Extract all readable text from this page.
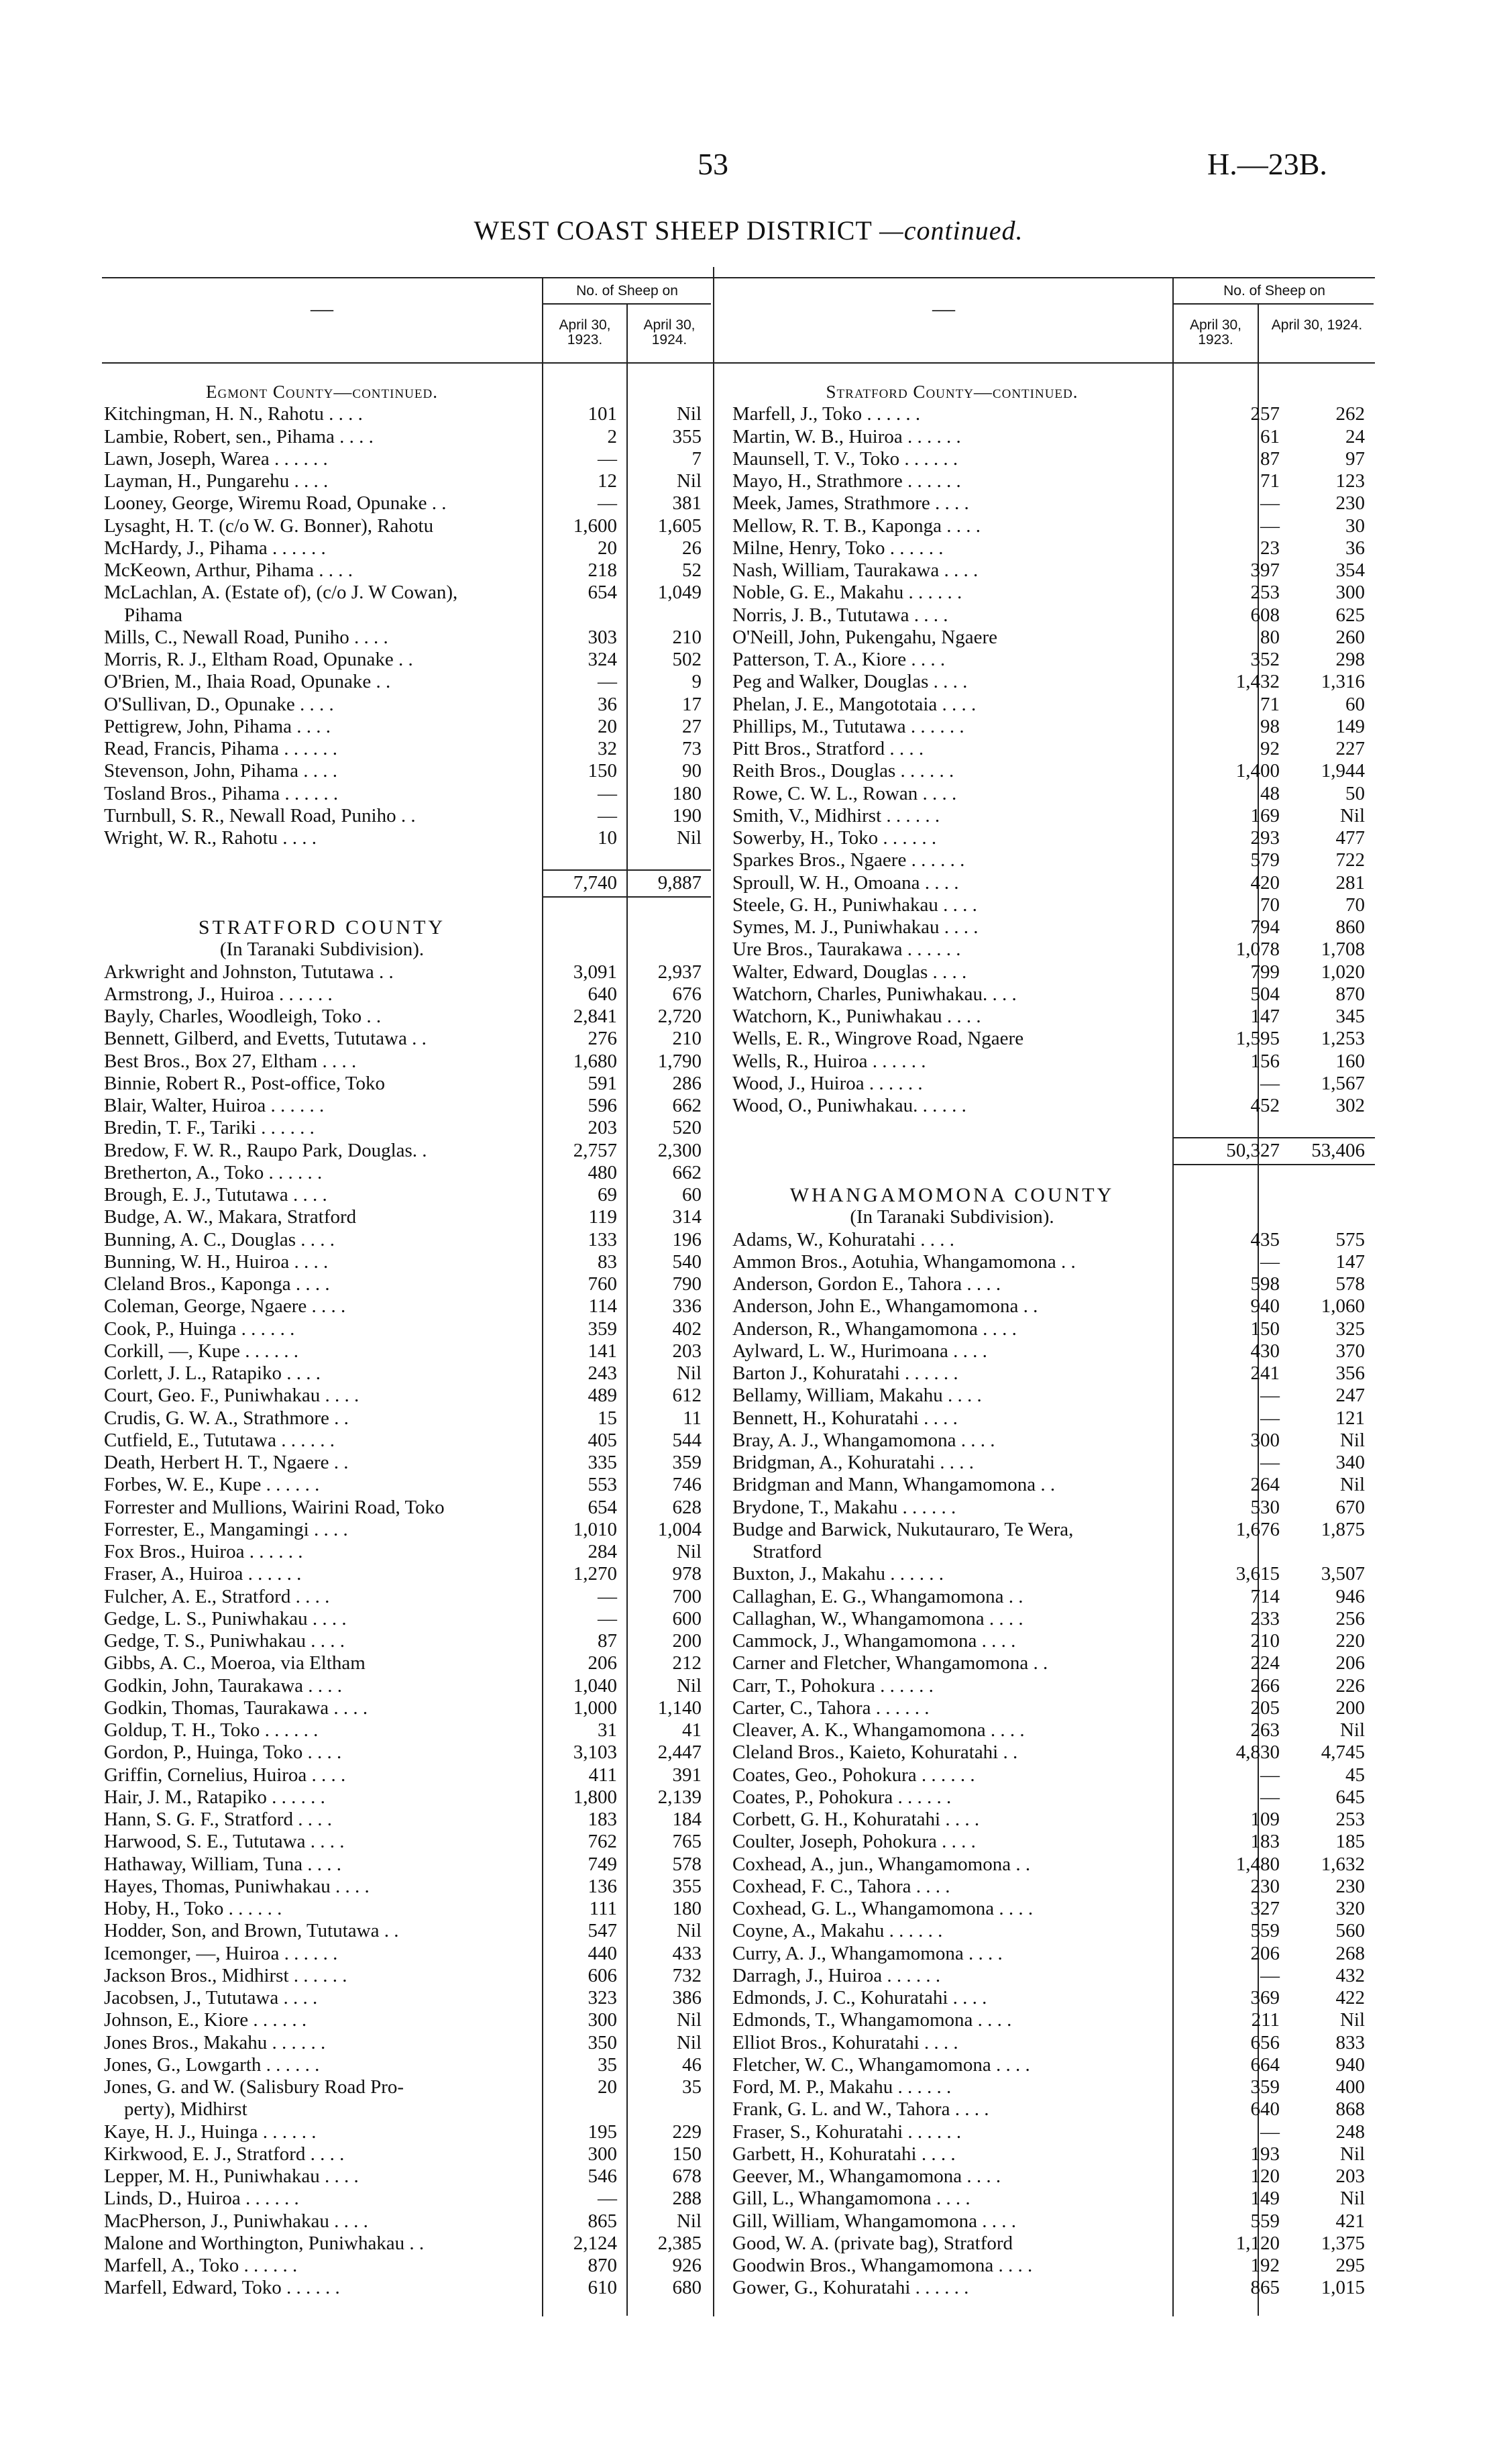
53	H.—23B.
WEST COAST SHEEP DISTRICT —continued.
—
No. of Sheep on
April 30, 1923.
April 30, 1924.
—
No. of Sheep on
April 30, 1923.
April 30, 1924.
Egmont County—continued.
Kitchingman, H. N., Rahotu . . . .	101	Nil
Lambie, Robert, sen., Pihama . . . .	2	355
Lawn, Joseph, Warea . . . . . .	—	7
Layman, H., Pungarehu . . . .	12	Nil
Looney, George, Wiremu Road, Opunake . .	—	381
Lysaght, H. T. (c/o W. G. Bonner), Rahotu	1,600	1,605
McHardy, J., Pihama . . . . . .	20	26
McKeown, Arthur, Pihama . . . .	218	52
McLachlan, A. (Estate of), (c/o J. W Cowan),	654	1,049
Pihama
Mills, C., Newall Road, Puniho . . . .	303	210
Morris, R. J., Eltham Road, Opunake . .	324	502
O'Brien, M., Ihaia Road, Opunake . .	—	9
O'Sullivan, D., Opunake . . . .	36	17
Pettigrew, John, Pihama . . . .	20	27
Read, Francis, Pihama . . . . . .	32	73
Stevenson, John, Pihama . . . .	150	90
Tosland Bros., Pihama . . . . . .	—	180
Turnbull, S. R., Newall Road, Puniho . .	—	190
Wright, W. R., Rahotu . . . .	10	Nil
7,740	9,887
STRATFORD COUNTY
(In Taranaki Subdivision).
Arkwright and Johnston, Tututawa . .	3,091	2,937
Armstrong, J., Huiroa . . . . . .	640	676
Bayly, Charles, Woodleigh, Toko . .	2,841	2,720
Bennett, Gilberd, and Evetts, Tututawa . .	276	210
Best Bros., Box 27, Eltham . . . .	1,680	1,790
Binnie, Robert R., Post-office, Toko	591	286
Blair, Walter, Huiroa . . . . . .	596	662
Bredin, T. F., Tariki . . . . . .	203	520
Bredow, F. W. R., Raupo Park, Douglas. .	2,757	2,300
Bretherton, A., Toko . . . . . .	480	662
Brough, E. J., Tututawa . . . .	69	60
Budge, A. W., Makara, Stratford	119	314
Bunning, A. C., Douglas . . . .	133	196
Bunning, W. H., Huiroa . . . .	83	540
Cleland Bros., Kaponga . . . .	760	790
Coleman, George, Ngaere . . . .	114	336
Cook, P., Huinga . . . . . .	359	402
Corkill, —, Kupe . . . . . .	141	203
Corlett, J. L., Ratapiko . . . .	243	Nil
Court, Geo. F., Puniwhakau . . . .	489	612
Crudis, G. W. A., Strathmore . .	15	11
Cutfield, E., Tututawa . . . . . .	405	544
Death, Herbert H. T., Ngaere . .	335	359
Forbes, W. E., Kupe . . . . . .	553	746
Forrester and Mullions, Wairini Road, Toko	654	628
Forrester, E., Mangamingi . . . .	1,010	1,004
Fox Bros., Huiroa . . . . . .	284	Nil
Fraser, A., Huiroa . . . . . .	1,270	978
Fulcher, A. E., Stratford . . . .	—	700
Gedge, L. S., Puniwhakau . . . .	—	600
Gedge, T. S., Puniwhakau . . . .	87	200
Gibbs, A. C., Moeroa, via Eltham	206	212
Godkin, John, Taurakawa . . . .	1,040	Nil
Godkin, Thomas, Taurakawa . . . .	1,000	1,140
Goldup, T. H., Toko . . . . . .	31	41
Gordon, P., Huinga, Toko . . . .	3,103	2,447
Griffin, Cornelius, Huiroa . . . .	411	391
Hair, J. M., Ratapiko . . . . . .	1,800	2,139
Hann, S. G. F., Stratford . . . .	183	184
Harwood, S. E., Tututawa . . . .	762	765
Hathaway, William, Tuna . . . .	749	578
Hayes, Thomas, Puniwhakau . . . .	136	355
Hoby, H., Toko . . . . . .	111	180
Hodder, Son, and Brown, Tututawa . .	547	Nil
Icemonger, —, Huiroa . . . . . .	440	433
Jackson Bros., Midhirst . . . . . .	606	732
Jacobsen, J., Tututawa . . . .	323	386
Johnson, E., Kiore . . . . . .	300	Nil
Jones Bros., Makahu . . . . . .	350	Nil
Jones, G., Lowgarth . . . . . .	35	46
Jones, G. and W. (Salisbury Road Pro-	20	35
perty), Midhirst
Kaye, H. J., Huinga . . . . . .	195	229
Kirkwood, E. J., Stratford . . . .	300	150
Lepper, M. H., Puniwhakau . . . .	546	678
Linds, D., Huiroa . . . . . .	—	288
MacPherson, J., Puniwhakau . . . .	865	Nil
Malone and Worthington, Puniwhakau . .	2,124	2,385
Marfell, A., Toko . . . . . .	870	926
Marfell, Edward, Toko . . . . . .	610	680
Stratford County—continued.
Marfell, J., Toko . . . . . .	257	262
Martin, W. B., Huiroa . . . . . .	61	24
Maunsell, T. V., Toko . . . . . .	87	97
Mayo, H., Strathmore . . . . . .	71	123
Meek, James, Strathmore . . . .	—	230
Mellow, R. T. B., Kaponga . . . .	—	30
Milne, Henry, Toko . . . . . .	23	36
Nash, William, Taurakawa . . . .	397	354
Noble, G. E., Makahu . . . . . .	253	300
Norris, J. B., Tututawa . . . .	608	625
O'Neill, John, Pukengahu, Ngaere	80	260
Patterson, T. A., Kiore . . . .	352	298
Peg and Walker, Douglas . . . .	1,432	1,316
Phelan, J. E., Mangototaia . . . .	71	60
Phillips, M., Tututawa . . . . . .	98	149
Pitt Bros., Stratford . . . .	92	227
Reith Bros., Douglas . . . . . .	1,400	1,944
Rowe, C. W. L., Rowan . . . .	48	50
Smith, V., Midhirst . . . . . .	169	Nil
Sowerby, H., Toko . . . . . .	293	477
Sparkes Bros., Ngaere . . . . . .	579	722
Sproull, W. H., Omoana . . . .	420	281
Steele, G. H., Puniwhakau . . . .	70	70
Symes, M. J., Puniwhakau . . . .	794	860
Ure Bros., Taurakawa . . . . . .	1,078	1,708
Walter, Edward, Douglas . . . .	799	1,020
Watchorn, Charles, Puniwhakau. . . .	504	870
Watchorn, K., Puniwhakau . . . .	147	345
Wells, E. R., Wingrove Road, Ngaere	1,595	1,253
Wells, R., Huiroa . . . . . .	156	160
Wood, J., Huiroa . . . . . .	—	1,567
Wood, O., Puniwhakau. . . . . .	452	302
50,327	53,406
WHANGAMOMONA COUNTY
(In Taranaki Subdivision).
Adams, W., Kohuratahi . . . .	435	575
Ammon Bros., Aotuhia, Whangamomona . .	—	147
Anderson, Gordon E., Tahora . . . .	598	578
Anderson, John E., Whangamomona . .	940	1,060
Anderson, R., Whangamomona . . . .	150	325
Aylward, L. W., Hurimoana . . . .	430	370
Barton J., Kohuratahi . . . . . .	241	356
Bellamy, William, Makahu . . . .	—	247
Bennett, H., Kohuratahi . . . .	—	121
Bray, A. J., Whangamomona . . . .	300	Nil
Bridgman, A., Kohuratahi . . . .	—	340
Bridgman and Mann, Whangamomona . .	264	Nil
Brydone, T., Makahu . . . . . .	530	670
Budge and Barwick, Nukutauraro, Te Wera,	1,676	1,875
Stratford
Buxton, J., Makahu . . . . . .	3,615	3,507
Callaghan, E. G., Whangamomona . .	714	946
Callaghan, W., Whangamomona . . . .	233	256
Cammock, J., Whangamomona . . . .	210	220
Carner and Fletcher, Whangamomona . .	224	206
Carr, T., Pohokura . . . . . .	266	226
Carter, C., Tahora . . . . . .	205	200
Cleaver, A. K., Whangamomona . . . .	263	Nil
Cleland Bros., Kaieto, Kohuratahi . .	4,830	4,745
Coates, Geo., Pohokura . . . . . .	—	45
Coates, P., Pohokura . . . . . .	—	645
Corbett, G. H., Kohuratahi . . . .	109	253
Coulter, Joseph, Pohokura . . . .	183	185
Coxhead, A., jun., Whangamomona . .	1,480	1,632
Coxhead, F. C., Tahora . . . .	230	230
Coxhead, G. L., Whangamomona . . . .	327	320
Coyne, A., Makahu . . . . . .	559	560
Curry, A. J., Whangamomona . . . .	206	268
Darragh, J., Huiroa . . . . . .	—	432
Edmonds, J. C., Kohuratahi . . . .	369	422
Edmonds, T., Whangamomona . . . .	211	Nil
Elliot Bros., Kohuratahi . . . .	656	833
Fletcher, W. C., Whangamomona . . . .	664	940
Ford, M. P., Makahu . . . . . .	359	400
Frank, G. L. and W., Tahora . . . .	640	868
Fraser, S., Kohuratahi . . . . . .	—	248
Garbett, H., Kohuratahi . . . .	193	Nil
Geever, M., Whangamomona . . . .	120	203
Gill, L., Whangamomona . . . .	149	Nil
Gill, William, Whangamomona . . . .	559	421
Good, W. A. (private bag), Stratford	1,120	1,375
Goodwin Bros., Whangamomona . . . .	192	295
Gower, G., Kohuratahi . . . . . .	865	1,015
